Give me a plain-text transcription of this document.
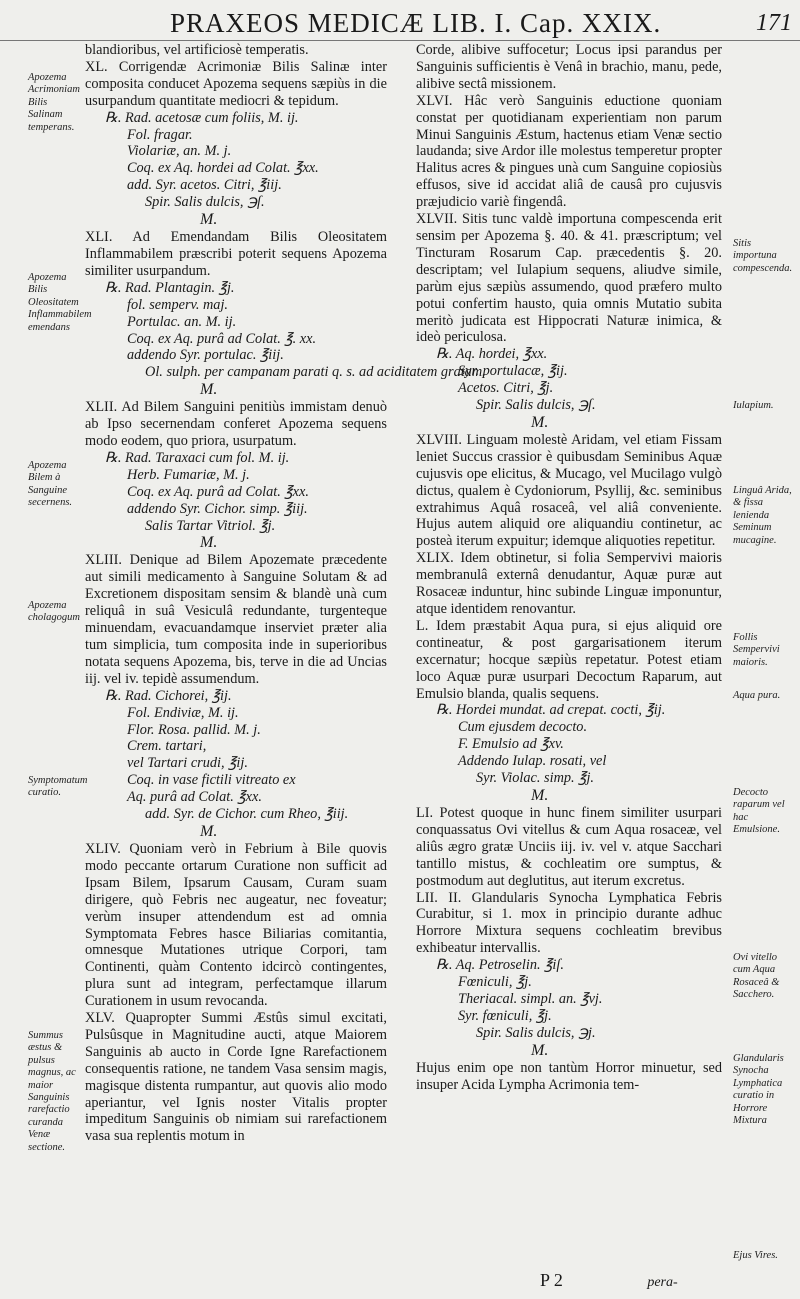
PRAXEOS MEDICÆ LIB. I. Cap. XXIX.	171

blandioribus, vel artificiosè temperatis.

XL. Corrigendæ Acrimoniæ Bilis Salinæ inter composita conducet Apozema sequens sæpiùs in die usurpandum quantitate mediocri & tepidum.

℞. Rad. acetosæ cum foliis, M. ij.
Fol. fragar.
Violariæ, an. M. j.
Coq. ex Aq. hordei ad Colat. ℥xx.
add. Syr. acetos. Citri, ℥iij.
Spir. Salis dulcis, ℈ſ.
M.

XLI. Ad Emendandam Bilis Oleositatem Inflammabilem præscribi poterit sequens Apozema similiter usurpandum.

℞. Rad. Plantagin. ℥j.
fol. semperv. maj.
Portulac. an. M. ij.
Coq. ex Aq. purâ ad Colat. ℥. xx.
addendo Syr. portulac. ℥iij.
Ol. sulph. per campanam parati q. s. ad aciditatem gratam.
M.

XLII. Ad Bilem Sanguini penitiùs immistam denuò ab Ipso secernendam conferet Apozema sequens modo eodem, quo priora, usurpatum.

℞. Rad. Taraxaci cum fol. M. ij.
Herb. Fumariæ, M. j.
Coq. ex Aq. purâ ad Colat. ℥xx.
addendo Syr. Cichor. simp. ℥iij.
Salis Tartar Vitriol. ℥j.
M.

XLIII. Denique ad Bilem Apozemate præcedente aut simili medicamento à Sanguine Solutam & ad Excretionem dispositam sensim & blandè unà cum reliquâ in suâ Vesiculâ redundante, turgenteque minuendam, evacuandamque inserviet præter alia tum simplicia, tum composita inde in superioribus notata sequens Apozema, bis, terve in die ad Uncias iij. vel iv. tepidè assumendum.

℞. Rad. Cichorei, ℥ij.
Fol. Endiviæ, M. ij.
Flor. Rosa. pallid. M. j.
Crem. tartari,
vel Tartari crudi, ℥ij.
Coq. in vase fictili vitreato ex
Aq. purâ ad Colat. ℥xx.
add. Syr. de Cichor. cum Rheo, ℥iij.
M.

XLIV. Quoniam verò in Febrium à Bile quovis modo peccante ortarum Curatione non sufficit ad Ipsam Bilem, Ipsarum Causam, Curam suam dirigere, quò Febris nec augeatur, nec foveatur; verùm insuper attendendum est ad omnia Symptomata Febres hasce Biliarias comitantia, omnesque Mutationes utrique Corpori, tam Continenti, quàm Contento idcircò contingentes, plura sunt ad integram, perfectamque illarum Curationem in usum revocanda.

XLV. Quapropter Summi Æstûs simul excitati, Pulsûsque in Magnitudine aucti, atque Maiorem Sanguinis ab aucto in Corde Igne Rarefactionem consequentis ratione, ne tandem Vasa sensim magis, magisque distenta rumpantur, aut quovis alio modo aperiantur, vel Ignis noster Vitalis propter impeditum Sanguinis ob nimiam sui rarefactionem vasa sua replentis motum in

Corde, alibive suffocetur; Locus ipsi parandus per Sanguinis sufficientis è Venâ in brachio, manu, pede, alibive sectâ missionem.

XLVI. Hâc verò Sanguinis eductione quoniam constat per quotidianam experientiam non parum Minui Sanguinis Æstum, hactenus etiam Venæ sectio laudanda; sive Ardor ille molestus temperetur propter Halitus acres & pingues unà cum Sanguine copiosiùs effusos, sive id accidat aliâ de causâ pro cujusvis præjudicio variè fingendâ.

XLVII. Sitis tunc valdè importuna compescenda erit sensim per Apozema §. 40. & 41. præscriptum; vel Tincturam Rosarum Cap. præcedentis §. 20. descriptam; vel Iulapium sequens, aliudve simile, parùm ejus sæpiùs assumendo, quod præfero multo potui confertim hausto, quia omnis Mutatio subita meritò judicata est Hippocrati Naturæ inimica, & ideò periculosa.

℞. Aq. hordei, ℥xx.
Syr. portulacæ, ℥ij.
Acetos. Citri, ℥j.
Spir. Salis dulcis, ℈ſ.
M.

XLVIII. Linguam molestè Aridam, vel etiam Fissam leniet Succus crassior è quibusdam Seminibus Aquæ cujusvis ope elicitus, & Mucago, vel Mucilago vulgò dictus, qualem è Cydoniorum, Psyllij, &c. seminibus extrahimus Aquâ rosaceâ, vel aliâ conveniente. Hujus autem aliquid ore aliquandiu continetur, ac posteà iterum expuitur; idemque aliquoties repetitur.

XLIX. Idem obtinetur, si folia Sempervivi maioris membranulâ externâ denudantur, Aquæ puræ aut Rosaceæ induntur, hinc subinde Linguæ imponuntur, atque identidem renovantur.

L. Idem præstabit Aqua pura, si ejus aliquid ore contineatur, & post gargarisationem iterum excernatur; hocque sæpiùs repetatur. Potest etiam loco Aquæ puræ usurpari Decoctum Raparum, aut Emulsio blanda, qualis sequens.

℞. Hordei mundat. ad crepat. cocti, ℥ij.
Cum ejusdem decocto.
F. Emulsio ad ℥xv.
Addendo Iulap. rosati, vel
Syr. Violac. simp. ℥j.
M.

LI. Potest quoque in hunc finem similiter usurpari conquassatus Ovi vitellus & cum Aqua rosaceæ, vel aliûs ægro gratæ Unciis iij. iv. vel v. atque Sacchari tantillo mistus, & cochleatim ore sumptus, & postmodum aut deglutitus, aut iterum excretus.

LII. II. Glandularis Synocha Lymphatica Febris Curabitur, si 1. mox in principio durante adhuc Horrore Mixtura sequens cochleatim brevibus exhibeatur intervallis.

℞. Aq. Petroselin. ℥iſ.
Fœniculi, ℥j.
Theriacal. simpl. an. ℥vj.
Syr. fœniculi, ℥j.
Spir. Salis dulcis, ℈j.
M.

Hujus enim ope non tantùm Horror minuetur, sed insuper Acida Lympha Acrimonia tem-

Apozema Acrimoniam Bilis Salinam temperans.
Apozema Bilis Oleositatem Inflammabilem emendans
Apozema Bilem à Sanguine secernens.
Apozema cholagogum
Symptomatum curatio.
Summus æstus & pulsus magnus, ac maior Sanguinis rarefactio curanda Venæ sectione.
Sitis importuna compescenda.
Iulapium.
Linguâ Arida, & fissa lenienda Seminum mucagine.
Follis Sempervivi maioris.
Aqua pura.
Decocto raparum vel hac Emulsione.
Ovi vitello cum Aqua Rosaceâ & Sacchero.
Glandularis Synocha Lymphatica curatio in Horrore Mixtura
Ejus Vires.
P 2	pera-
